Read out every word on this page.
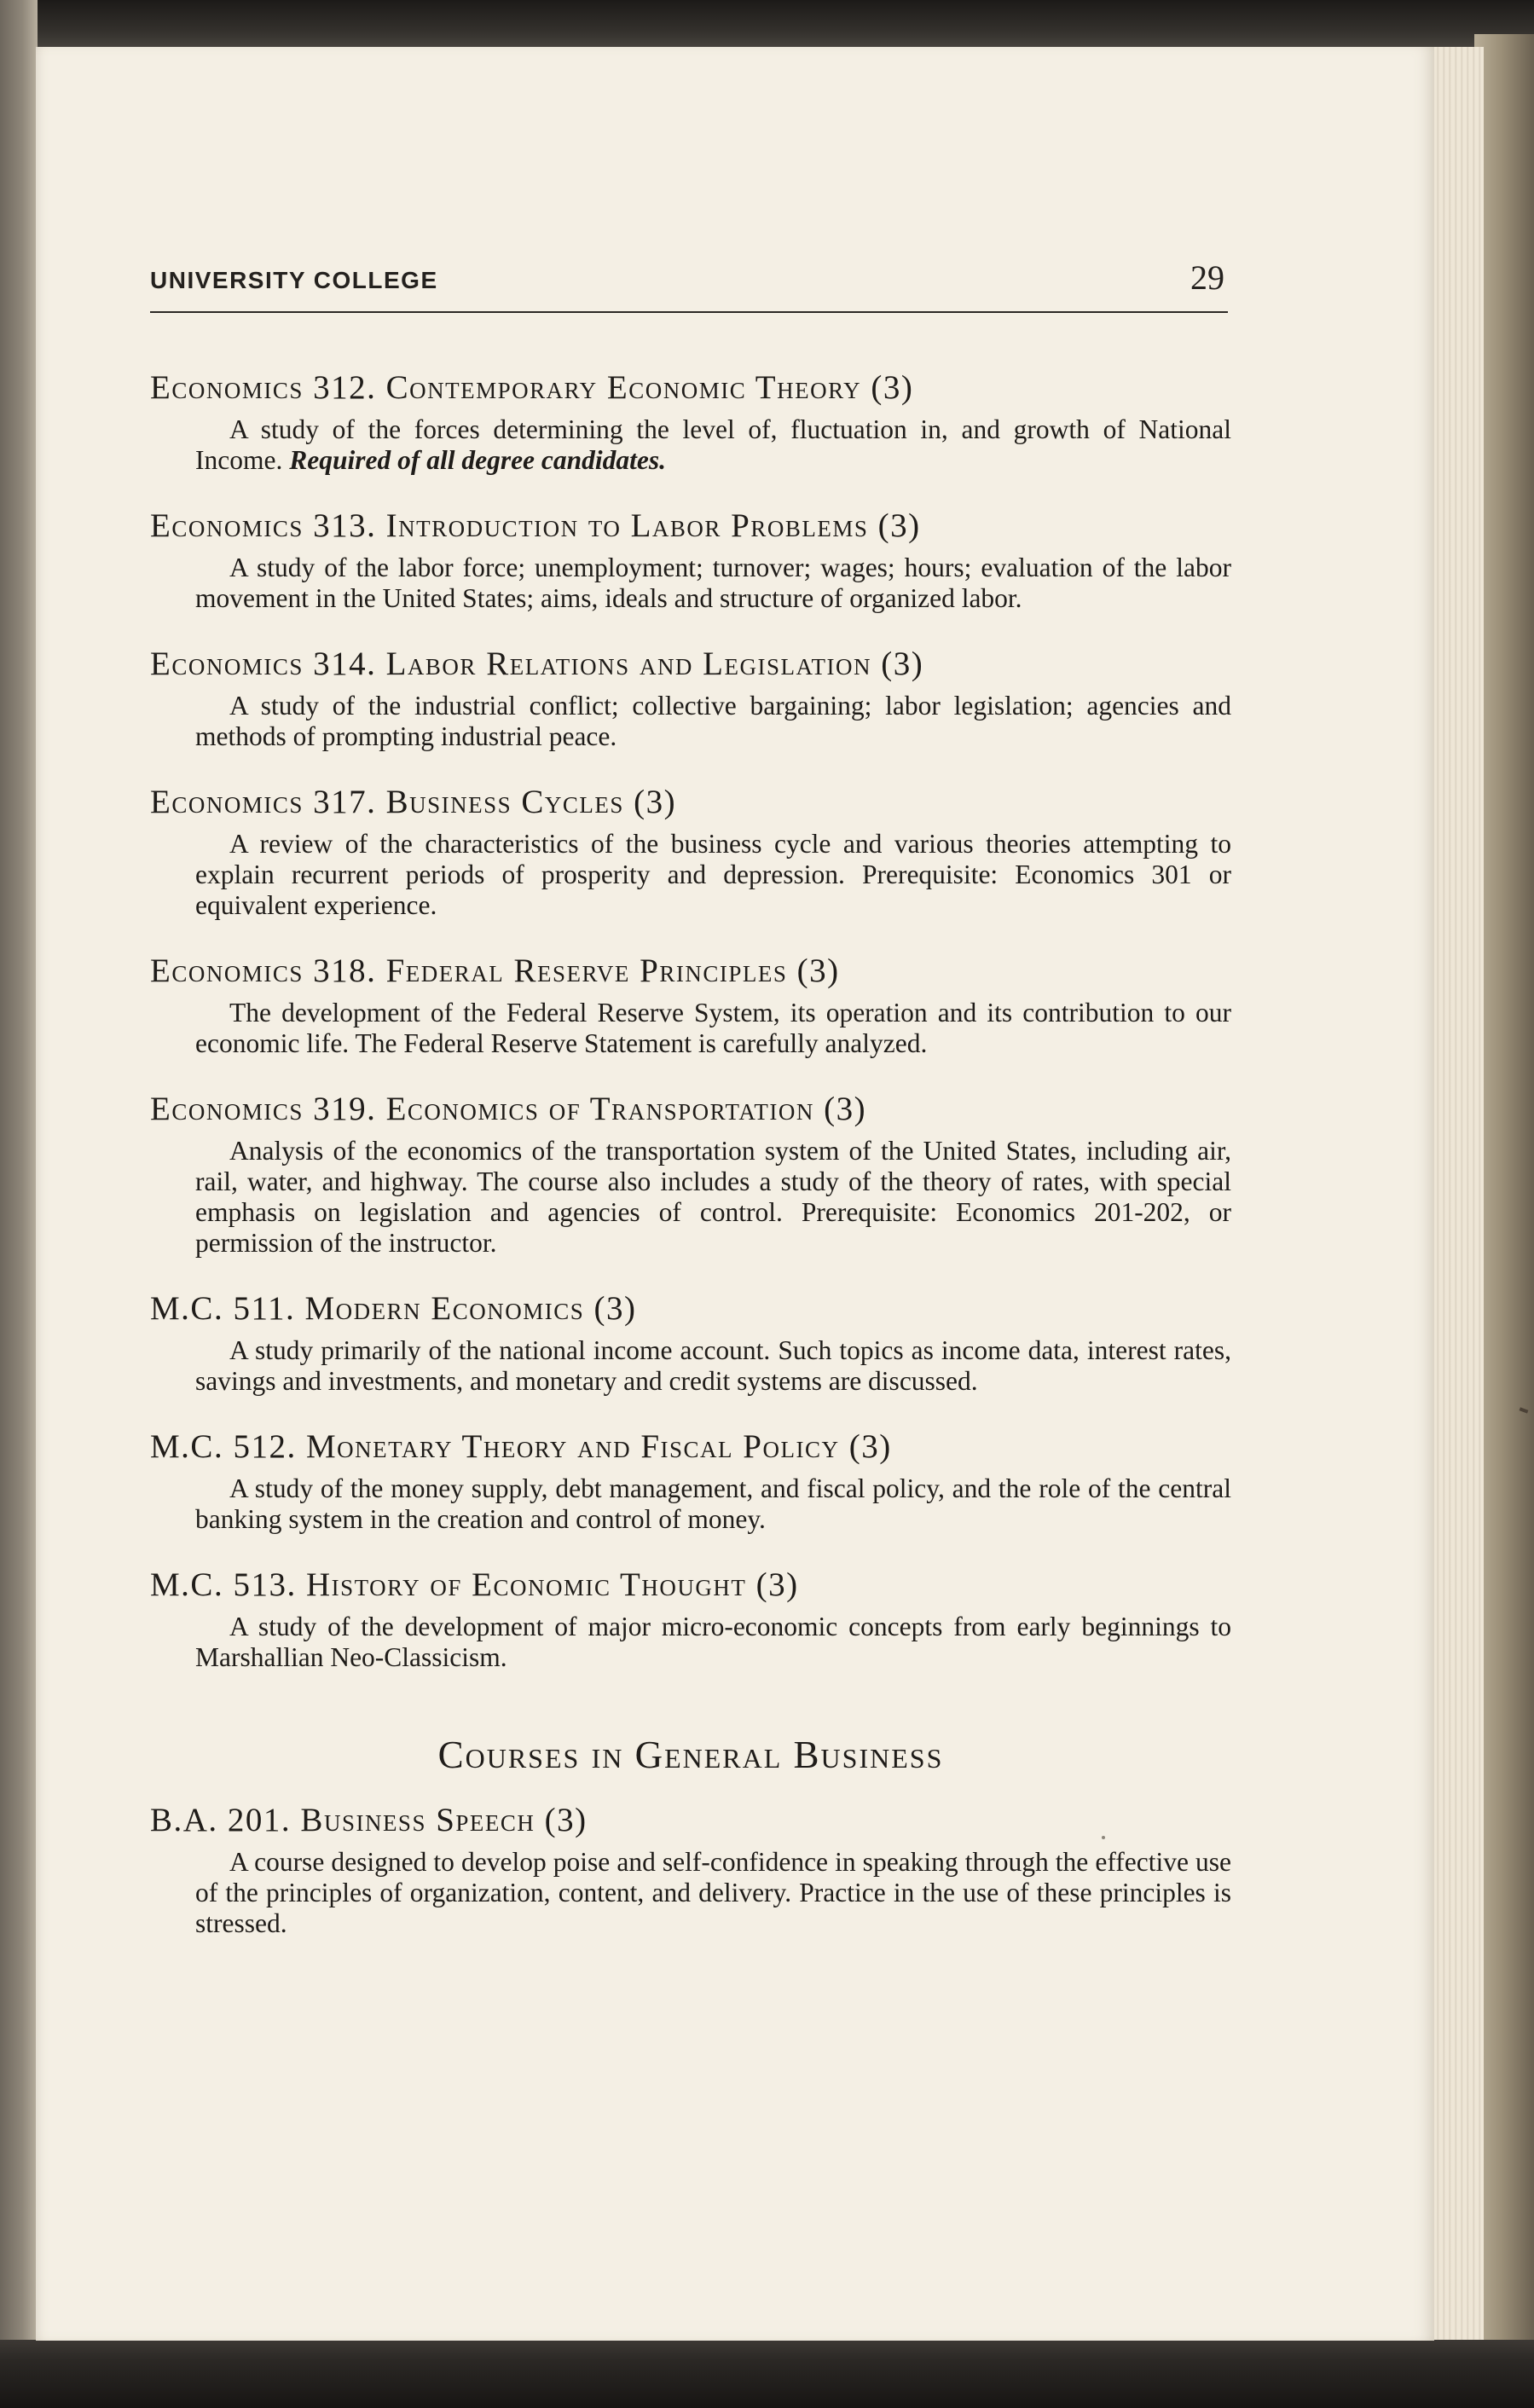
UNIVERSITY COLLEGE	29
Economics 312. Contemporary Economic Theory (3)

A study of the forces determining the level of, fluctuation in, and growth of National Income. Required of all degree candidates.

Economics 313. Introduction to Labor Problems (3)

A study of the labor force; unemployment; turnover; wages; hours; evaluation of the labor movement in the United States; aims, ideals and structure of organized labor.

Economics 314. Labor Relations and Legislation (3)

A study of the industrial conflict; collective bargaining; labor legislation; agencies and methods of prompting industrial peace.

Economics 317. Business Cycles (3)

A review of the characteristics of the business cycle and various theories attempting to explain recurrent periods of prosperity and depression. Prerequisite: Economics 301 or equivalent experience.

Economics 318. Federal Reserve Principles (3)

The development of the Federal Reserve System, its operation and its contribution to our economic life. The Federal Reserve Statement is carefully analyzed.

Economics 319. Economics of Transportation (3)

Analysis of the economics of the transportation system of the United States, including air, rail, water, and highway. The course also includes a study of the theory of rates, with special emphasis on legislation and agencies of control. Prerequisite: Economics 201-202, or permission of the instructor.

M.C. 511. Modern Economics (3)

A study primarily of the national income account. Such topics as income data, interest rates, savings and investments, and monetary and credit systems are discussed.

M.C. 512. Monetary Theory and Fiscal Policy (3)

A study of the money supply, debt management, and fiscal policy, and the role of the central banking system in the creation and control of money.

M.C. 513. History of Economic Thought (3)

A study of the development of major micro-economic concepts from early beginnings to Marshallian Neo-Classicism.

Courses in General Business
B.A. 201. Business Speech (3)

A course designed to develop poise and self-confidence in speaking through the effective use of the principles of organization, content, and delivery. Practice in the use of these principles is stressed.
